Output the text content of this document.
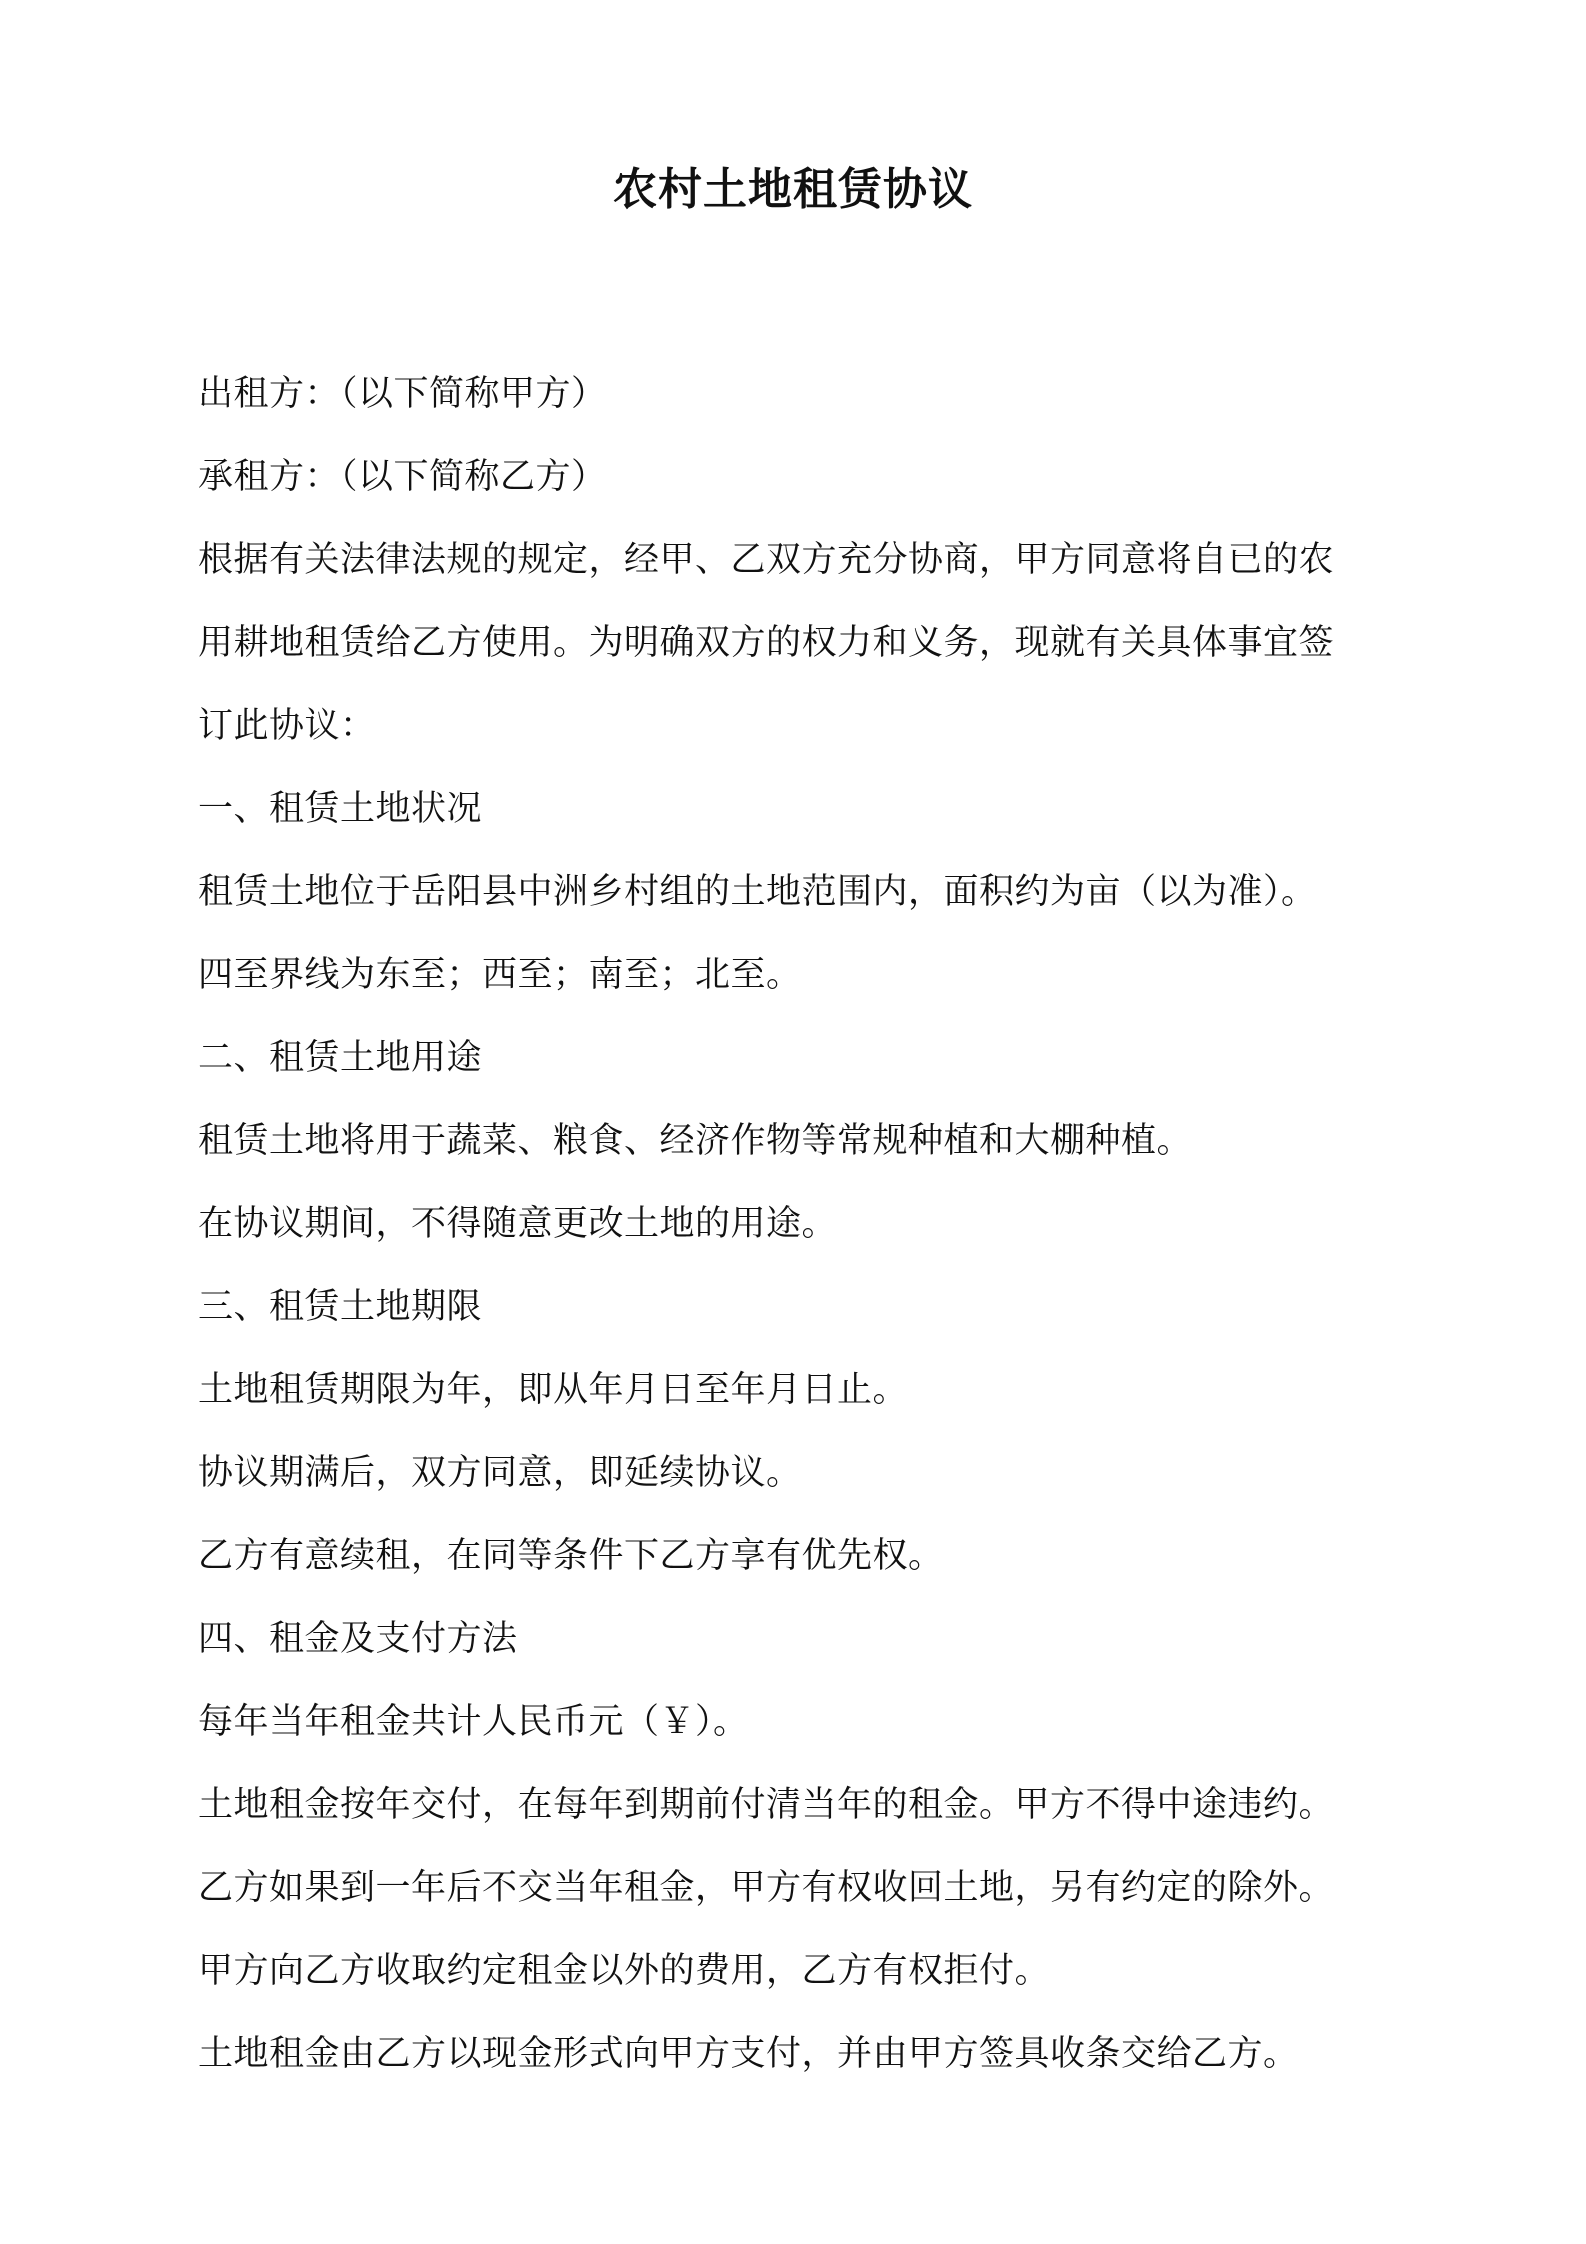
农村土地租赁协议
出租方：（以下简称甲方）
承租方：（以下简称乙方）
根据有关法律法规的规定，经甲、乙双方充分协商，甲方同意将自已的农
用耕地租赁给乙方使用。为明确双方的权力和义务，现就有关具体事宜签
订此协议：
一、租赁土地状况
租赁土地位于岳阳县中洲乡村组的土地范围内，面积约为亩（以为准）。
四至界线为东至；西至；南至；北至。
二、租赁土地用途
租赁土地将用于蔬菜、粮食、经济作物等常规种植和大棚种植。
在协议期间，不得随意更改土地的用途。
三、租赁土地期限
土地租赁期限为年，即从年月日至年月日止。
协议期满后，双方同意，即延续协议。
乙方有意续租，在同等条件下乙方享有优先权。
四、租金及支付方法
每年当年租金共计人民币元（￥）。
土地租金按年交付，在每年到期前付清当年的租金。甲方不得中途违约。
乙方如果到一年后不交当年租金，甲方有权收回土地，另有约定的除外。
甲方向乙方收取约定租金以外的费用，乙方有权拒付。
土地租金由乙方以现金形式向甲方支付，并由甲方签具收条交给乙方。
